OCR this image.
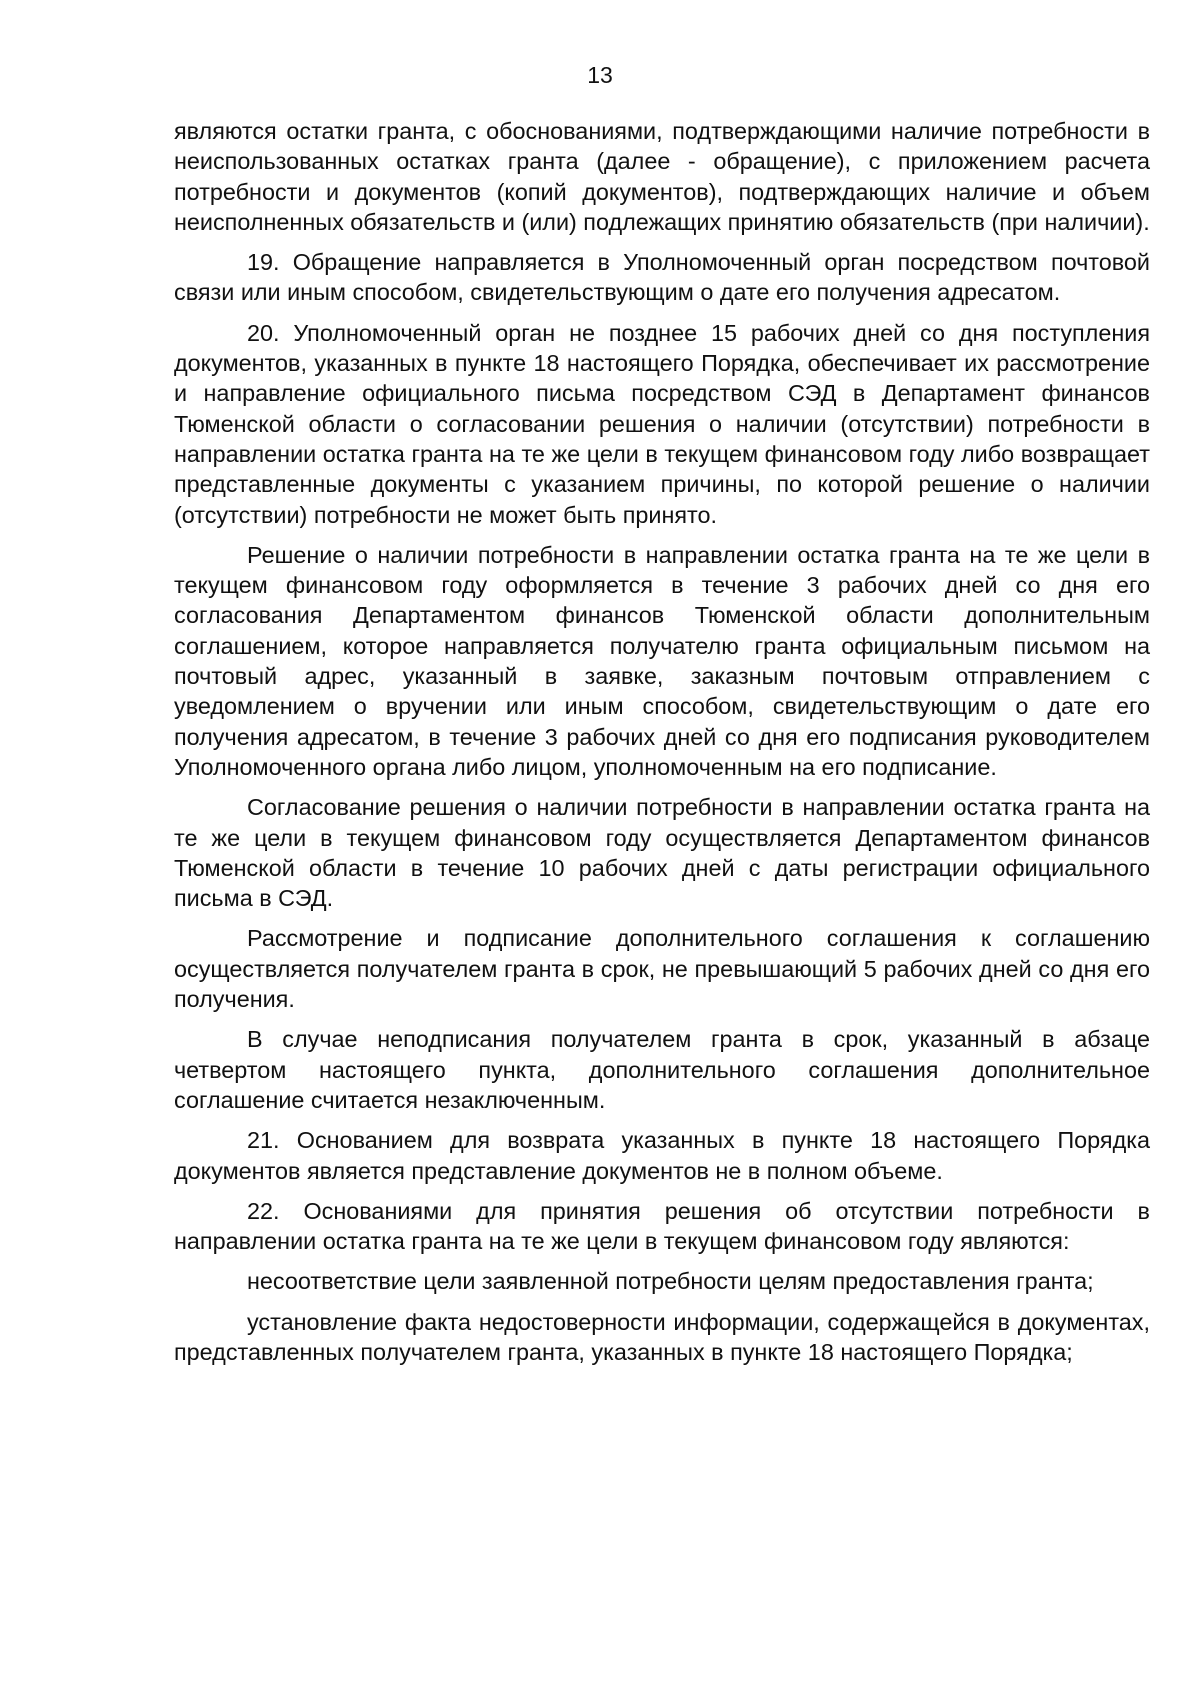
13

являются остатки гранта, с обоснованиями, подтверждающими наличие потребности в неиспользованных остатках гранта (далее - обращение), с приложением расчета потребности и документов (копий документов), подтверждающих наличие и объем неисполненных обязательств и (или) подлежащих принятию обязательств (при наличии).

19. Обращение направляется в Уполномоченный орган посредством почтовой связи или иным способом, свидетельствующим о дате его получения адресатом.

20. Уполномоченный орган не позднее 15 рабочих дней со дня поступления документов, указанных в пункте 18 настоящего Порядка, обеспечивает их рассмотрение и направление официального письма посредством СЭД в Департамент финансов Тюменской области о согласовании решения о наличии (отсутствии) потребности в направлении остатка гранта на те же цели в текущем финансовом году либо возвращает представленные документы с указанием причины, по которой решение о наличии (отсутствии) потребности не может быть принято.

Решение о наличии потребности в направлении остатка гранта на те же цели в текущем финансовом году оформляется в течение 3 рабочих дней со дня его согласования Департаментом финансов Тюменской области дополнительным соглашением, которое направляется получателю гранта официальным письмом на почтовый адрес, указанный в заявке, заказным почтовым отправлением с уведомлением о вручении или иным способом, свидетельствующим о дате его получения адресатом, в течение 3 рабочих дней со дня его подписания руководителем Уполномоченного органа либо лицом, уполномоченным на его подписание.

Согласование решения о наличии потребности в направлении остатка гранта на те же цели в текущем финансовом году осуществляется Департаментом финансов Тюменской области в течение 10 рабочих дней с даты регистрации официального письма в СЭД.

Рассмотрение и подписание дополнительного соглашения к соглашению осуществляется получателем гранта в срок, не превышающий 5 рабочих дней со дня его получения.

В случае неподписания получателем гранта в срок, указанный в абзаце четвертом настоящего пункта, дополнительного соглашения дополнительное соглашение считается незаключенным.

21. Основанием для возврата указанных в пункте 18 настоящего Порядка документов является представление документов не в полном объеме.

22. Основаниями для принятия решения об отсутствии потребности в направлении остатка гранта на те же цели в текущем финансовом году являются:

несоответствие цели заявленной потребности целям предоставления гранта;

установление факта недостоверности информации, содержащейся в документах, представленных получателем гранта, указанных в пункте 18 настоящего Порядка;
